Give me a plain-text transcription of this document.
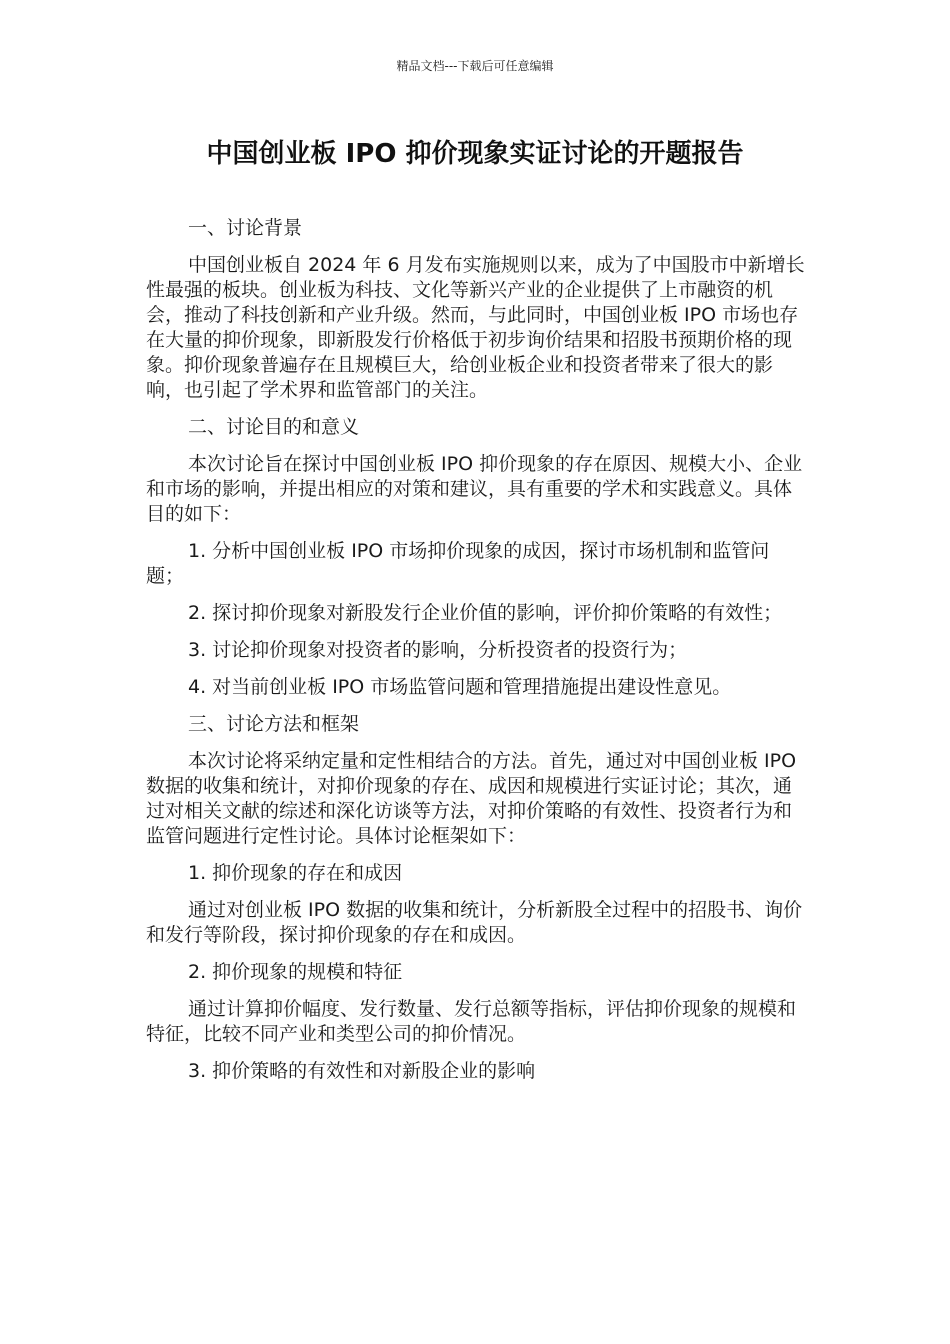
精品文档---下载后可任意编辑
中国创业板 IPO 抑价现象实证讨论的开题报告

一、讨论背景

中国创业板自 2024 年 6 月发布实施规则以来，成为了中国股市中新增长性最强的板块。创业板为科技、文化等新兴产业的企业提供了上市融资的机会，推动了科技创新和产业升级。然而，与此同时，中国创业板 IPO 市场也存在大量的抑价现象，即新股发行价格低于初步询价结果和招股书预期价格的现象。抑价现象普遍存在且规模巨大，给创业板企业和投资者带来了很大的影响，也引起了学术界和监管部门的关注。

二、讨论目的和意义

本次讨论旨在探讨中国创业板 IPO 抑价现象的存在原因、规模大小、企业和市场的影响，并提出相应的对策和建议，具有重要的学术和实践意义。具体目的如下：

1. 分析中国创业板 IPO 市场抑价现象的成因，探讨市场机制和监管问题；

2. 探讨抑价现象对新股发行企业价值的影响，评价抑价策略的有效性；

3. 讨论抑价现象对投资者的影响，分析投资者的投资行为；

4. 对当前创业板 IPO 市场监管问题和管理措施提出建设性意见。

三、讨论方法和框架

本次讨论将采纳定量和定性相结合的方法。首先，通过对中国创业板 IPO 数据的收集和统计，对抑价现象的存在、成因和规模进行实证讨论；其次，通过对相关文献的综述和深化访谈等方法，对抑价策略的有效性、投资者行为和监管问题进行定性讨论。具体讨论框架如下：

1. 抑价现象的存在和成因

通过对创业板 IPO 数据的收集和统计，分析新股全过程中的招股书、询价和发行等阶段，探讨抑价现象的存在和成因。

2. 抑价现象的规模和特征

通过计算抑价幅度、发行数量、发行总额等指标，评估抑价现象的规模和特征，比较不同产业和类型公司的抑价情况。

3. 抑价策略的有效性和对新股企业的影响
